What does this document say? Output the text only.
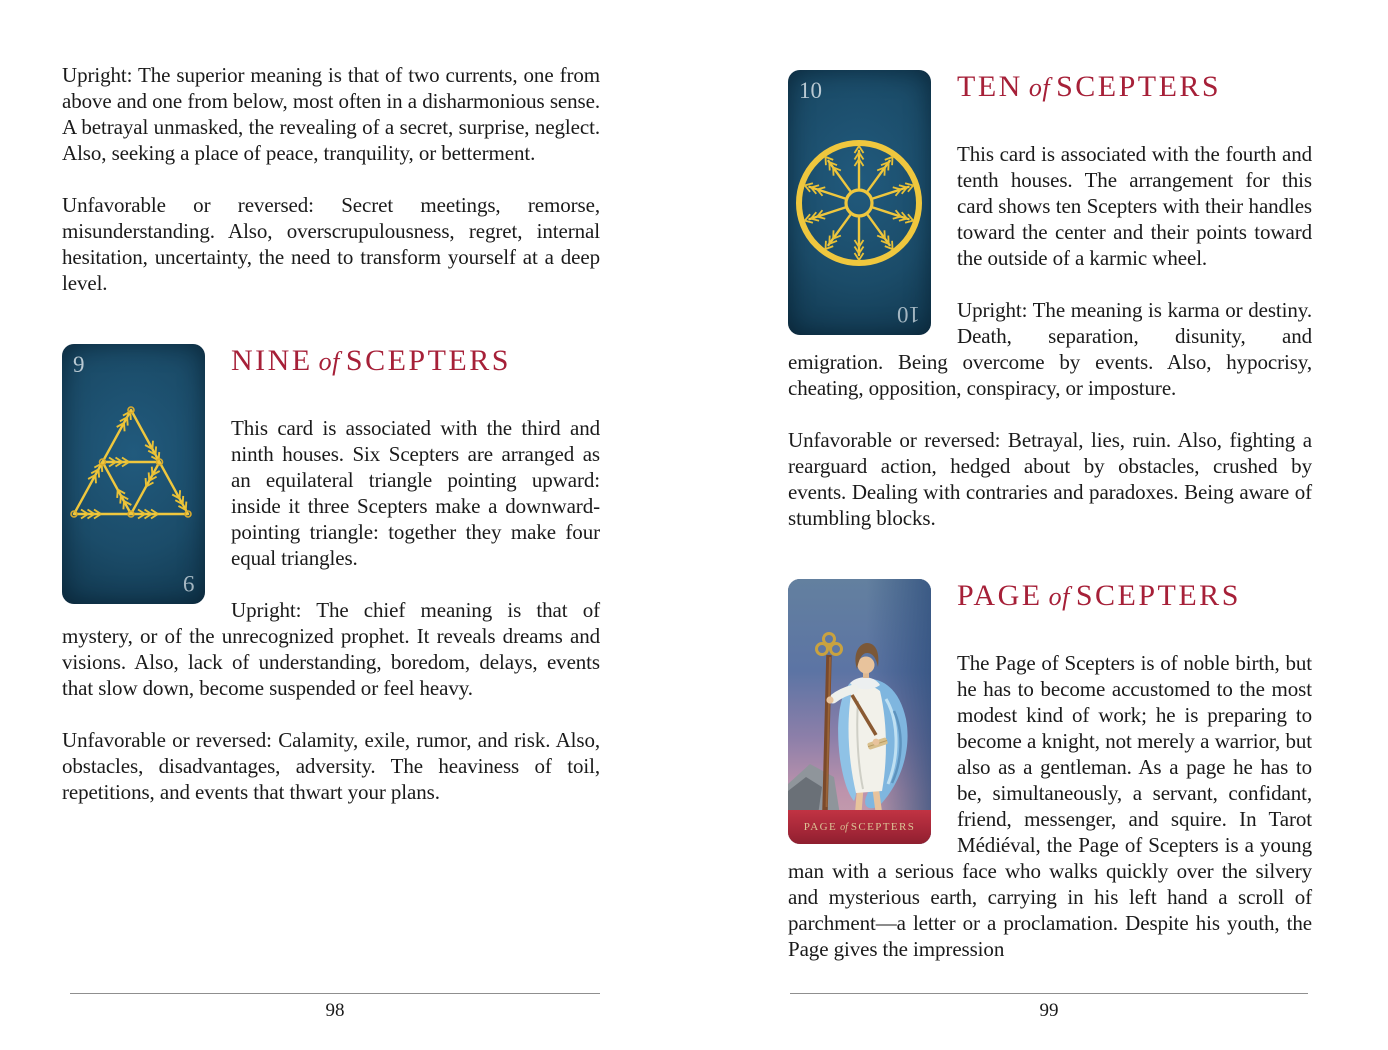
Upright: The superior meaning is that of two currents, one from above and one from below, most often in a disharmonious sense. A betrayal unmasked, the revealing of a secret, surprise, neglect. Also, seeking a place of peace, tranquility, or betterment.

Unfavorable or reversed: Secret meetings, remorse, misunderstanding. Also, overscrupulousness, regret, internal hesitation, uncertainty, the need to transform yourself at a deep level.

9
9
NINE of SCEPTERS

This card is associated with the third and ninth houses. Six Scepters are arranged as an equilateral triangle pointing upward: inside it three Scepters make a downward-pointing triangle: together they make four equal triangles.

Upright: The chief meaning is that of mystery, or of the unrecognized prophet. It reveals dreams and visions. Also, lack of understanding, boredom, delays, events that slow down, become suspended or feel heavy.

Unfavorable or reversed: Calamity, exile, rumor, and risk. Also, obstacles, disadvantages, adversity. The heaviness of toil, repetitions, and events that thwart your plans.

10
10
TEN of SCEPTERS

This card is associated with the fourth and tenth houses. The arrangement for this card shows ten Scepters with their handles toward the center and their points toward the outside of a karmic wheel.

Upright: The meaning is karma or destiny. Death, separation, disunity, and emigration. Being overcome by events. Also, hypocrisy, cheating, opposition, conspiracy, or imposture.

Unfavorable or reversed: Betrayal, lies, ruin. Also, fighting a rearguard action, hedged about by obstacles, crushed by events. Dealing with contraries and paradoxes. Being aware of stumbling blocks.

PAGE of SCEPTERS
PAGE of SCEPTERS

The Page of Scepters is of noble birth, but he has to become accustomed to the most modest kind of work; he is preparing to become a knight, not merely a warrior, but also as a gentleman. As a page he has to be, simultaneously, a servant, confidant, friend, messenger, and squire. In Tarot Médiéval, the Page of Scepters is a young man with a serious face who walks quickly over the silvery and mysterious earth, carrying in his left hand a scroll of parchment—a letter or a proclamation. Despite his youth, the Page gives the impression

98	99
